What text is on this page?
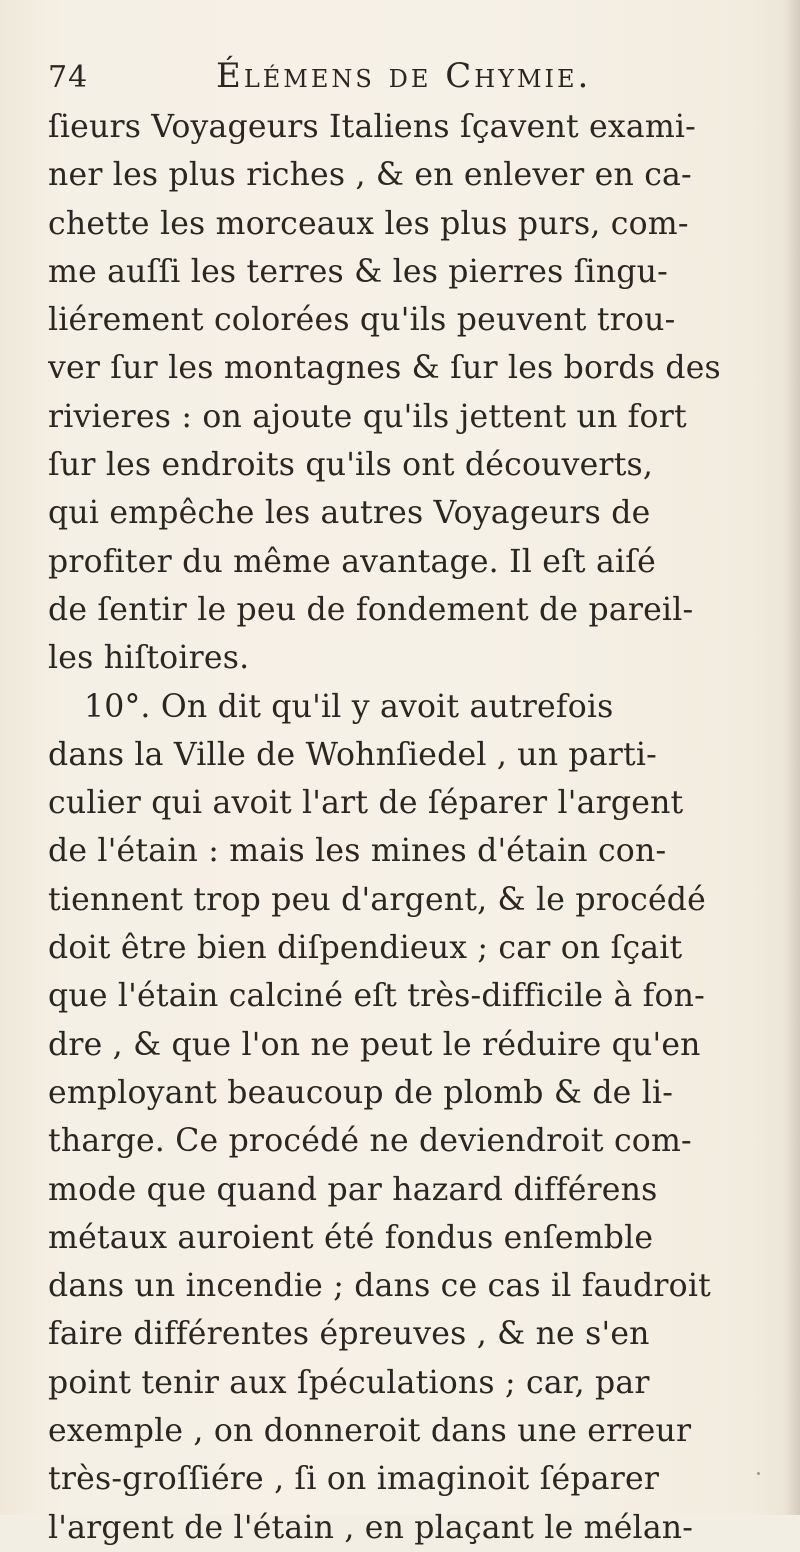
74	Élémens de Chymie.
ſieurs Voyageurs Italiens ſçavent exami-
ner les plus riches , & en enlever en ca-
chette les morceaux les plus purs, com-
me auſſi les terres & les pierres ſingu-
liérement colorées qu'ils peuvent trou-
ver ſur les montagnes & ſur les bords des
rivieres : on ajoute qu'ils jettent un fort
ſur les endroits qu'ils ont découverts,
qui empêche les autres Voyageurs de
profiter du même avantage. Il eſt aiſé
de ſentir le peu de fondement de pareil-
les hiſtoires.
10°. On dit qu'il y avoit autrefois
dans la Ville de Wohnſiedel , un parti-
culier qui avoit l'art de ſéparer l'argent
de l'étain : mais les mines d'étain con-
tiennent trop peu d'argent, & le procédé
doit être bien diſpendieux ; car on ſçait
que l'étain calciné eſt très-difficile à fon-
dre , & que l'on ne peut le réduire qu'en
employant beaucoup de plomb & de li-
tharge. Ce procédé ne deviendroit com-
mode que quand par hazard différens
métaux auroient été fondus enſemble
dans un incendie ; dans ce cas il faudroit
faire différentes épreuves , & ne s'en
point tenir aux ſpéculations ; car, par
exemple , on donneroit dans une erreur
très-groſſiére , ſi on imaginoit ſéparer
l'argent de l'étain , en plaçant le mélan-
